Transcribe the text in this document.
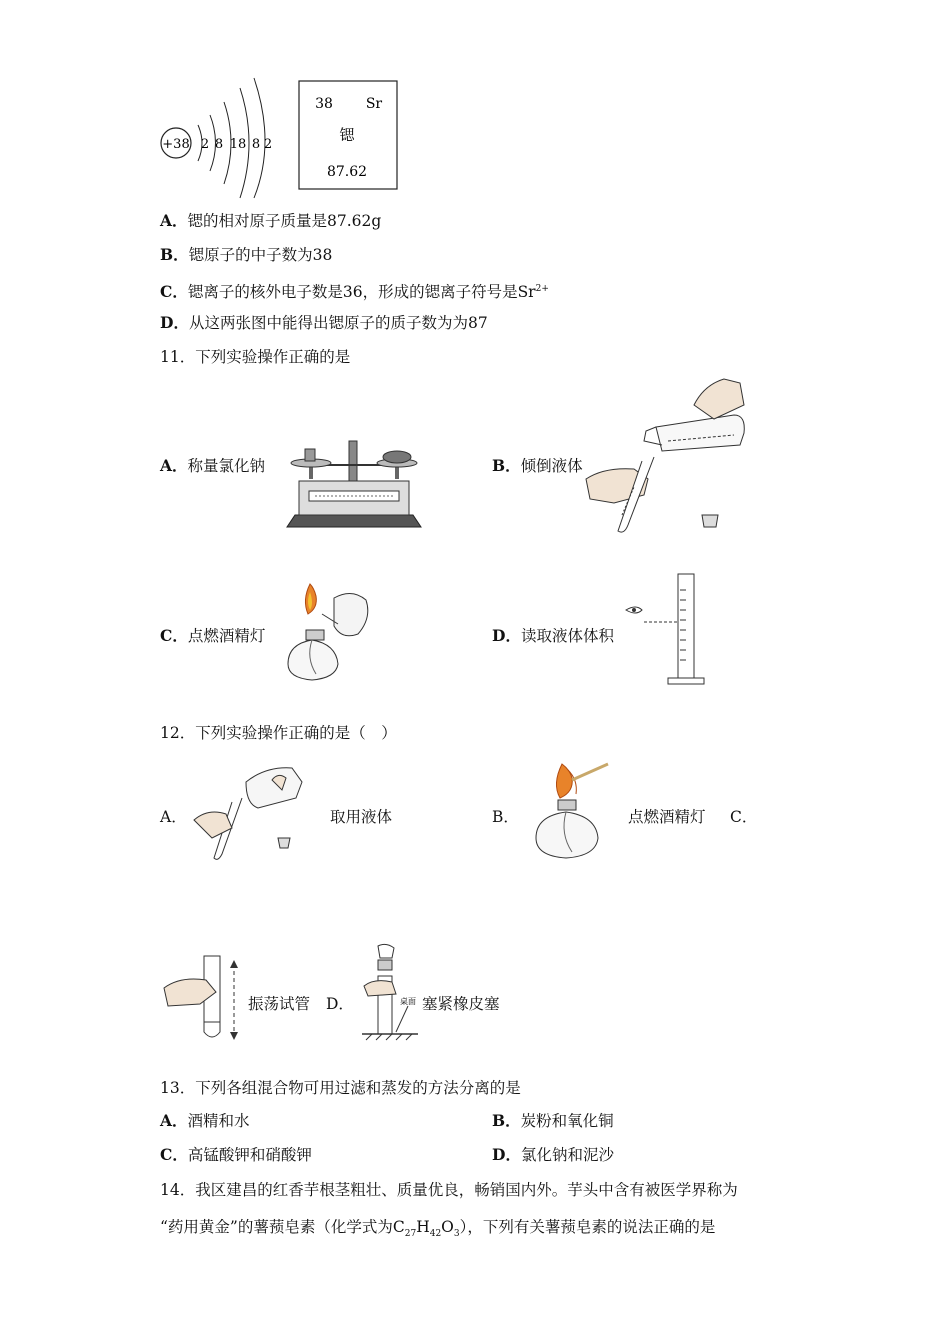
+38 2 8 18 8 2
38 Sr
锶
87.62
A．锶的相对原子质量是87.62g
B．锶原子的中子数为38
C．锶离子的核外电子数是36，形成的锶离子符号是$Sr^{2+}$
D．从这两张图中能得出锶原子的质子数为为87
11．下列实验操作正确的是
A．称量氯化钠	B．倾倒液体
C．点燃酒精灯	D．读取液体体积
12．下列实验操作正确的是（　）
A．	取用液体	B．	点燃酒精灯 C．
振荡试管 D．	桌面 塞紧橡皮塞
13．下列各组混合物可用过滤和蒸发的方法分离的是
A．酒精和水	B．炭粉和氧化铜
C．高锰酸钾和硝酸钾	D．氯化钠和泥沙
14．我区建昌的红香芋根茎粗壮、质量优良，畅销国内外。芋头中含有被医学界称为
“药用黄金”的薯蓣皂素（化学式为$C_{27}H_{42}O_3$），下列有关薯蓣皂素的说法正确的是
